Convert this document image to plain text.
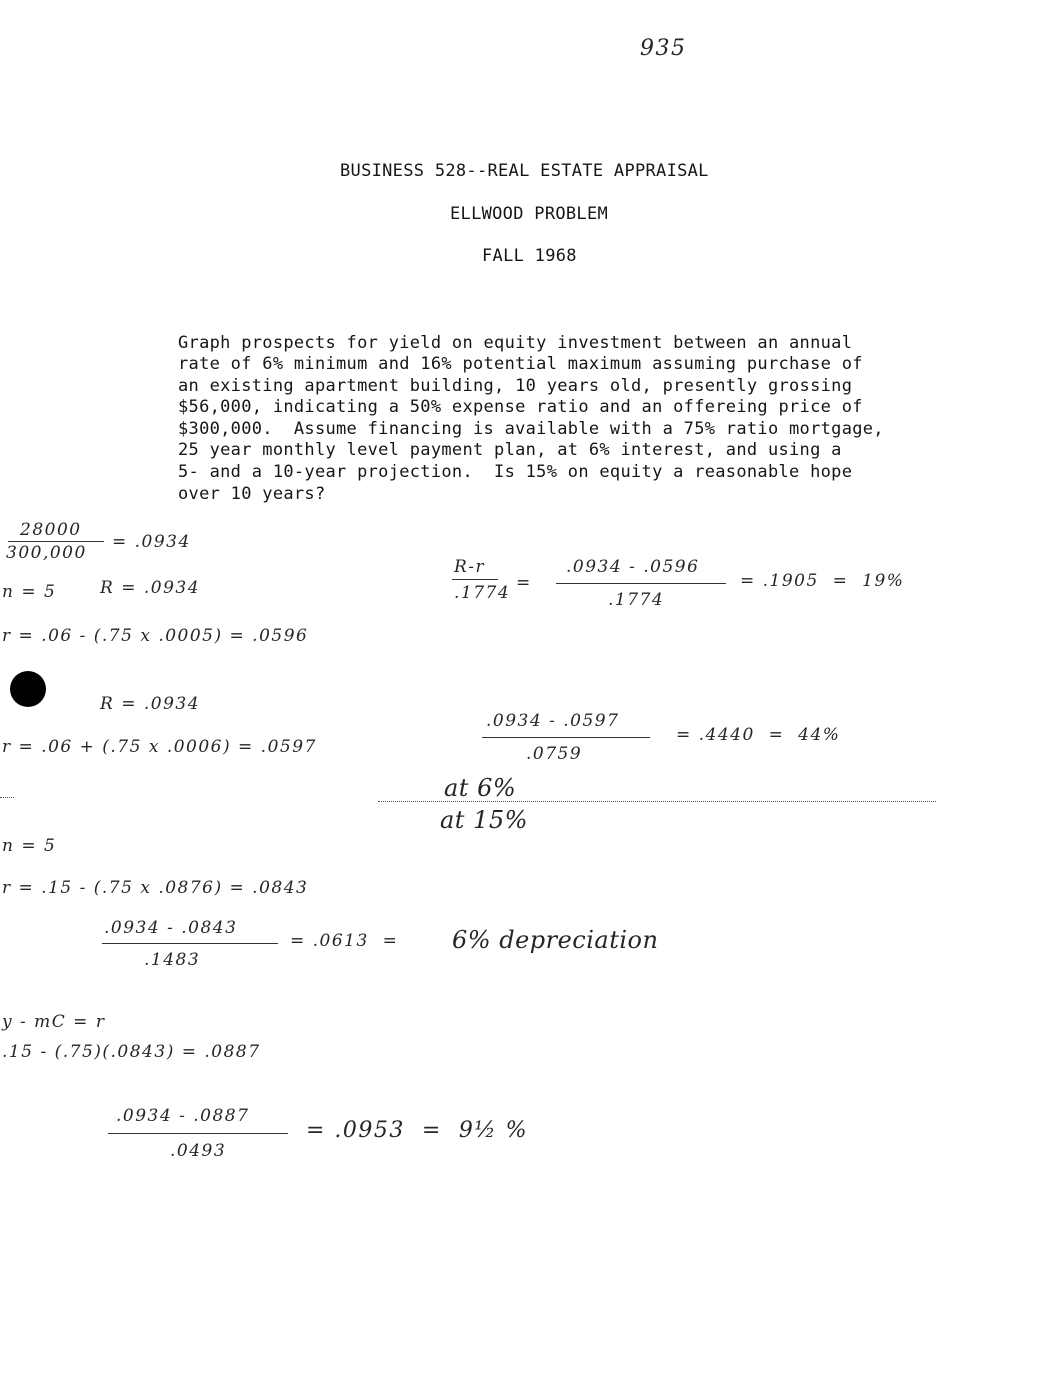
935
BUSINESS 528--REAL ESTATE APPRAISAL
ELLWOOD PROBLEM
FALL 1968
Graph prospects for yield on equity investment between an annual
rate of 6% minimum and 16% potential maximum assuming purchase of
an existing apartment building, 10 years old, presently grossing
$56,000, indicating a 50% expense ratio and an offereing price of
$300,000.  Assume financing is available with a 75% ratio mortgage,
25 year monthly level payment plan, at 6% interest, and using a
5- and a 10-year projection.  Is 15% on equity a reasonable hope
over 10 years?
28000
300,000
= .0934
n = 5	R = .0934
r = .06 - (.75 x .0005) = .0596
R = .0934
r = .06 + (.75 x .0006) = .0597
R-r
.1774 =
.0934 - .0596
.1774
= .1905  =  19%
.0934 - .0597
.0759
= .4440  =  44%
at 6%
at 15%
n = 5
r = .15 - (.75 x .0876) = .0843
.0934 - .0843
.1483
= .0613  = 6% depreciation
y - mC = r
.15 - (.75)(.0843) = .0887
.0934 - .0887
.0493
= .0953  =  9½ %
